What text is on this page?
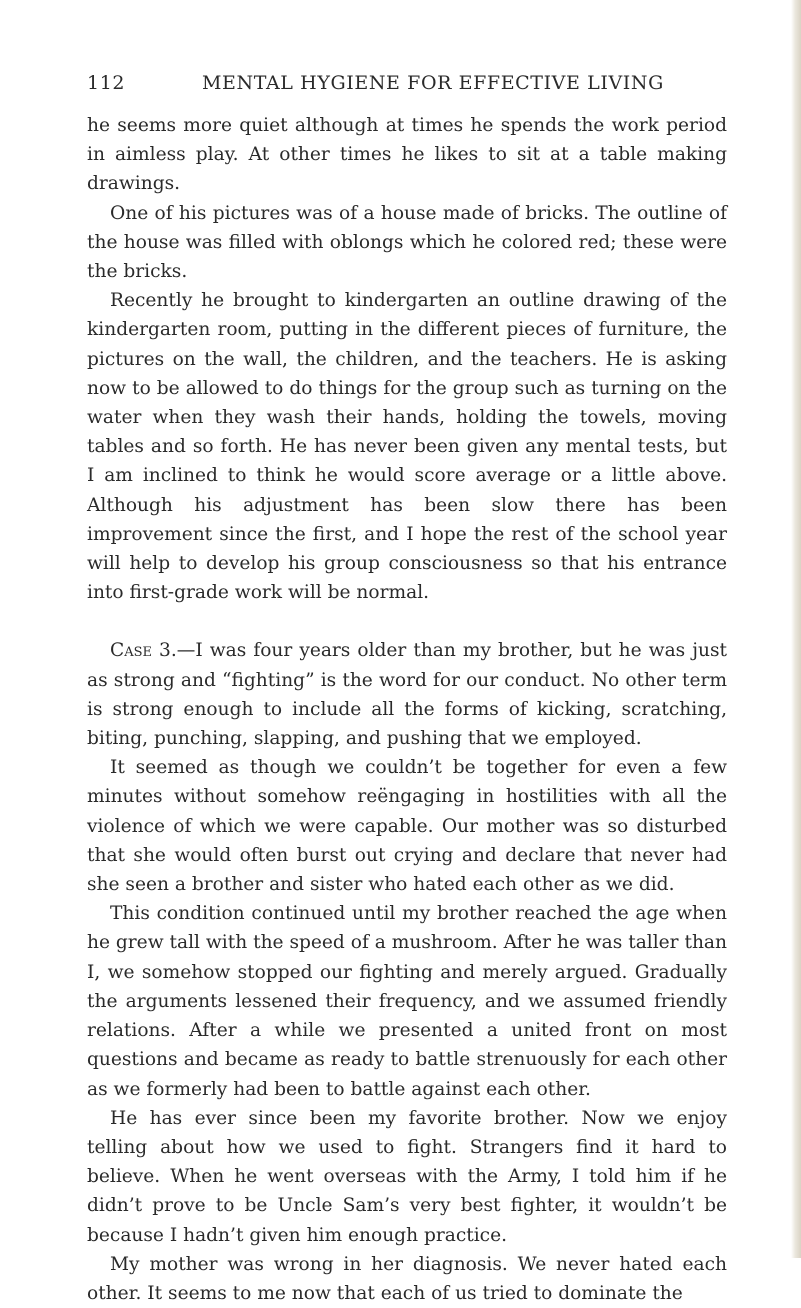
112	MENTAL HYGIENE FOR EFFECTIVE LIVING

he seems more quiet although at times he spends the work period in aimless play. At other times he likes to sit at a table making drawings.

One of his pictures was of a house made of bricks. The outline of the house was filled with oblongs which he colored red; these were the bricks.

Recently he brought to kindergarten an outline drawing of the kindergarten room, putting in the different pieces of furniture, the pictures on the wall, the children, and the teachers. He is asking now to be allowed to do things for the group such as turning on the water when they wash their hands, holding the towels, moving tables and so forth. He has never been given any mental tests, but I am inclined to think he would score average or a little above. Although his adjustment has been slow there has been improvement since the first, and I hope the rest of the school year will help to develop his group consciousness so that his entrance into first-grade work will be normal.

Case 3.—I was four years older than my brother, but he was just as strong and “fighting” is the word for our conduct. No other term is strong enough to include all the forms of kicking, scratching, biting, punching, slapping, and pushing that we employed.

It seemed as though we couldn’t be together for even a few minutes without somehow reëngaging in hostilities with all the violence of which we were capable. Our mother was so disturbed that she would often burst out crying and declare that never had she seen a brother and sister who hated each other as we did.

This condition continued until my brother reached the age when he grew tall with the speed of a mushroom. After he was taller than I, we somehow stopped our fighting and merely argued. Gradually the arguments lessened their frequency, and we assumed friendly relations. After a while we presented a united front on most questions and became as ready to battle strenuously for each other as we formerly had been to battle against each other.

He has ever since been my favorite brother. Now we enjoy telling about how we used to fight. Strangers find it hard to believe. When he went overseas with the Army, I told him if he didn’t prove to be Uncle Sam’s very best fighter, it wouldn’t be because I hadn’t given him enough practice.

My mother was wrong in her diagnosis. We never hated each other. It seems to me now that each of us tried to dominate the
